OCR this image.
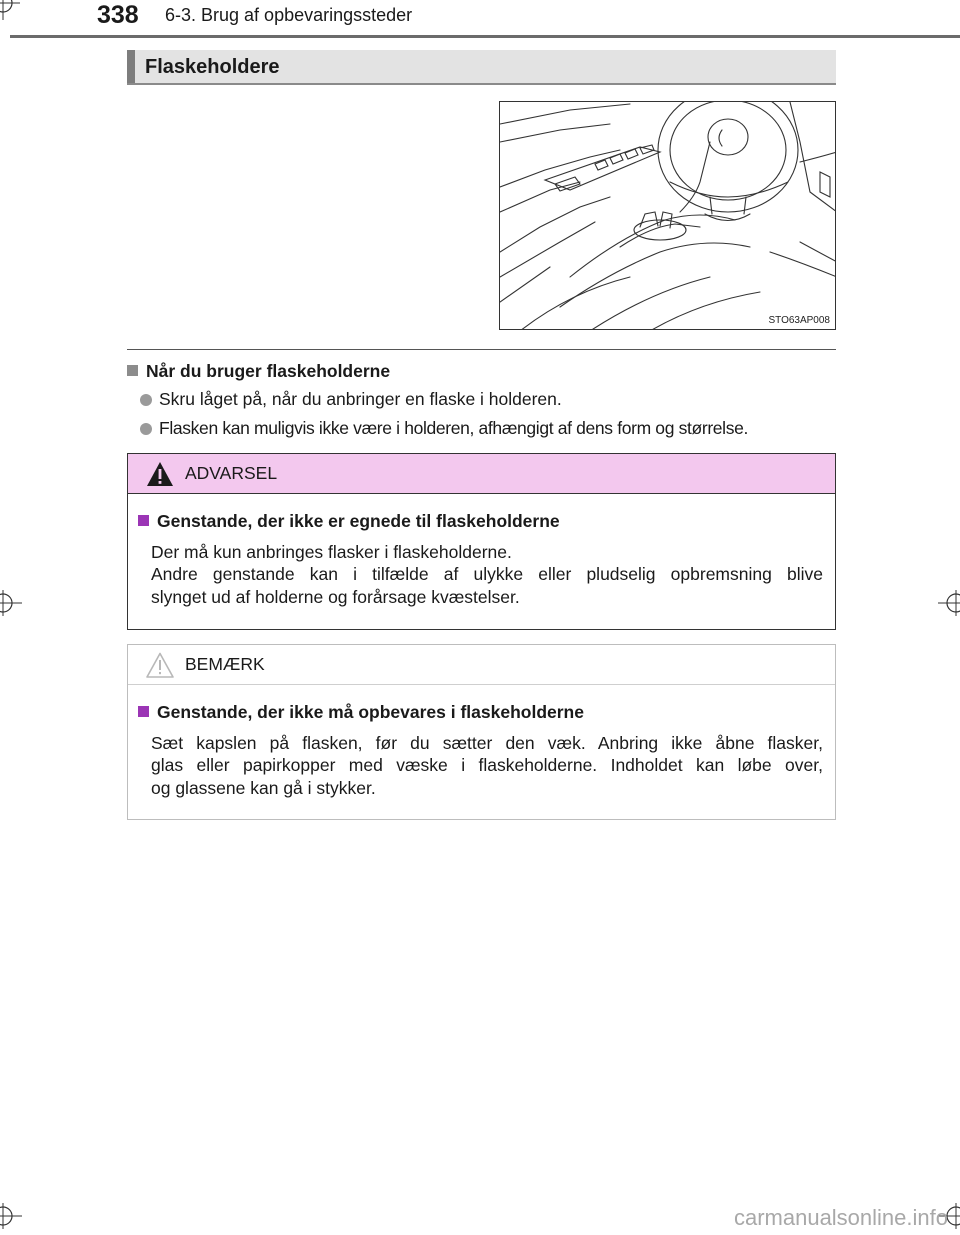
338 6-3. Brug af opbevaringssteder
Flaskeholdere
STO63AP008
Når du bruger flaskeholderne
Skru låget på, når du anbringer en flaske i holderen.
Flasken kan muligvis ikke være i holderen, afhængigt af dens form og størrelse.
ADVARSEL
Genstande, der ikke er egnede til flaskeholderne
Der må kun anbringes flasker i flaskeholderne.
Andre genstande kan i tilfælde af ulykke eller pludselig opbremsning blive
slynget ud af holderne og forårsage kvæstelser.
BEMÆRK
Genstande, der ikke må opbevares i flaskeholderne
Sæt kapslen på flasken, før du sætter den væk. Anbring ikke åbne flasker,
glas eller papirkopper med væske i flaskeholderne. Indholdet kan løbe over,
og glassene kan gå i stykker.
carmanualsonline.info
